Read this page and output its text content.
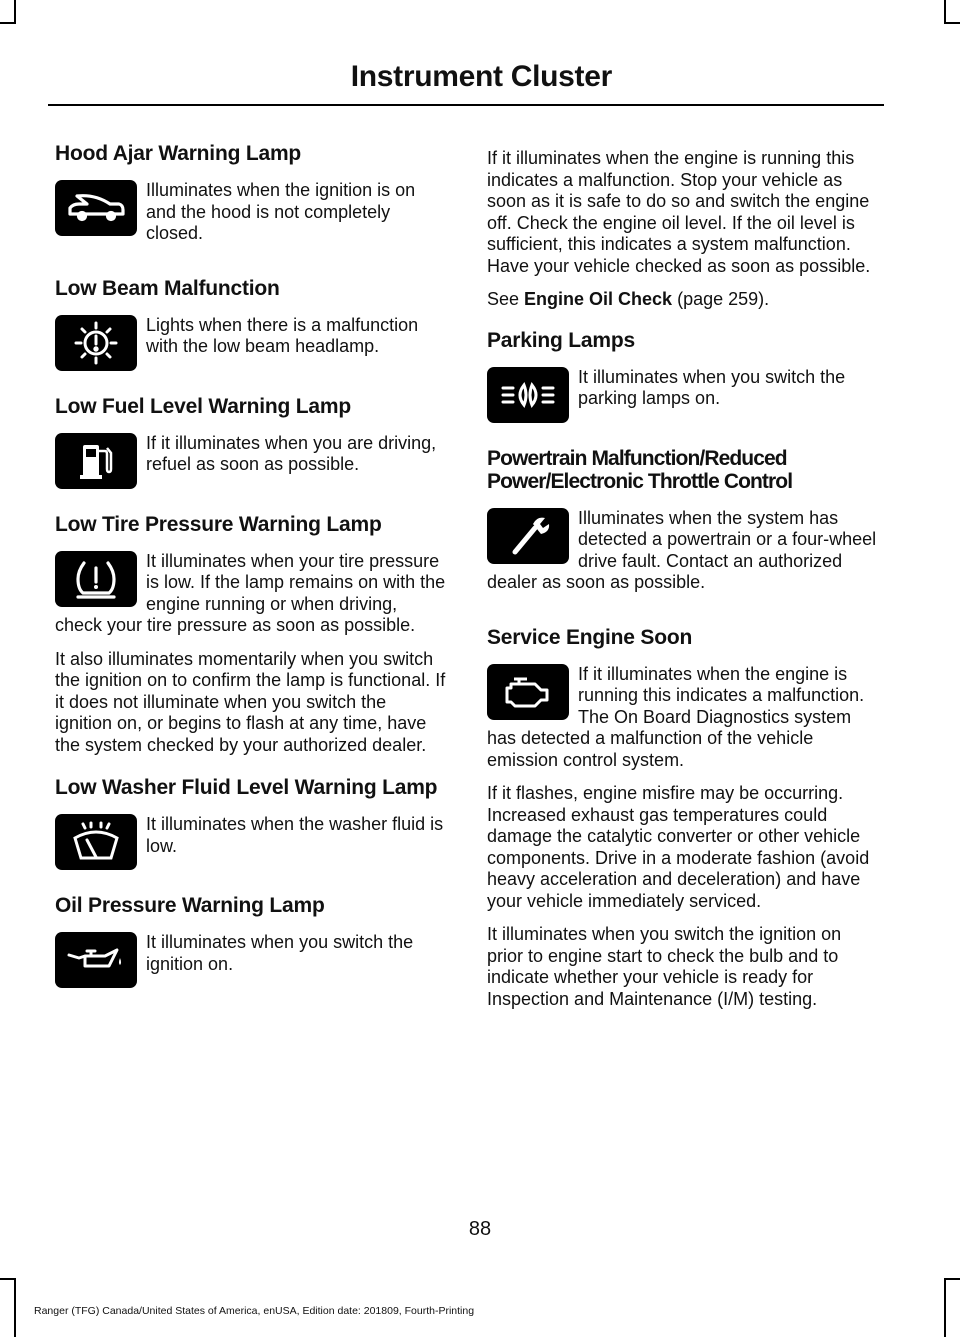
Instrument Cluster
Hood Ajar Warning Lamp

Illuminates when the ignition is on and the hood is not completely closed.

Low Beam Malfunction

Lights when there is a malfunction with the low beam headlamp.

Low Fuel Level Warning Lamp

If it illuminates when you are driving, refuel as soon as possible.

Low Tire Pressure Warning Lamp

It illuminates when your tire pressure is low. If the lamp remains on with the engine running or when driving, check your tire pressure as soon as possible.

It also illuminates momentarily when you switch the ignition on to confirm the lamp is functional. If it does not illuminate when you switch the ignition on, or begins to flash at any time, have the system checked by your authorized dealer.

Low Washer Fluid Level Warning Lamp

It illuminates when the washer fluid is low.

Oil Pressure Warning Lamp

It illuminates when you switch the ignition on.

If it illuminates when the engine is running this indicates a malfunction. Stop your vehicle as soon as it is safe to do so and switch the engine off. Check the engine oil level. If the oil level is sufficient, this indicates a system malfunction. Have your vehicle checked as soon as possible.

See Engine Oil Check (page 259).

Parking Lamps

It illuminates when you switch the parking lamps on.

Powertrain Malfunction/Reduced Power/Electronic Throttle Control

Illuminates when the system has detected a powertrain or a four-wheel drive fault. Contact an authorized dealer as soon as possible.

Service Engine Soon

If it illuminates when the engine is running this indicates a malfunction. The On Board Diagnostics system has detected a malfunction of the vehicle emission control system.

If it flashes, engine misfire may be occurring. Increased exhaust gas temperatures could damage the catalytic converter or other vehicle components. Drive in a moderate fashion (avoid heavy acceleration and deceleration) and have your vehicle immediately serviced.

It illuminates when you switch the ignition on prior to engine start to check the bulb and to indicate whether your vehicle is ready for Inspection and Maintenance (I/M) testing.

88
Ranger (TFG) Canada/United States of America, enUSA, Edition date: 201809, Fourth-Printing
